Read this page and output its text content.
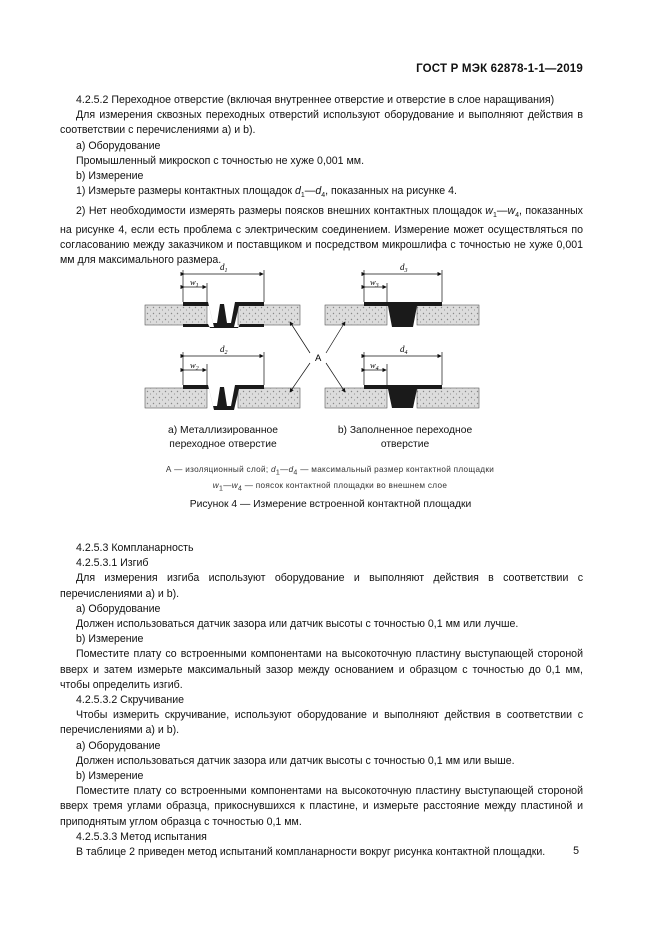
ГОСТ Р МЭК 62878-1-1—2019

4.2.5.2 Переходное отверстие (включая внутреннее отверстие и отверстие в слое наращивания)

Для измерения сквозных переходных отверстий используют оборудование и выполняют действия в соответствии с перечислениями а) и b).

a) Оборудование

Промышленный микроскоп с точностью не хуже 0,001 мм.

b) Измерение

1) Измерьте размеры контактных площадок $d_1—d_4$, показанных на рисунке 4.

2) Нет необходимости измерять размеры поясков внешних контактных площадок $w_1—w_4$, показанных на рисунке 4, если есть проблема с электрическим соединением. Измерение может осуществляться по согласованию между заказчиком и поставщиком и посредством микрошлифа с точностью не хуже 0,001 мм для максимального размера.

$d_1$
$w_1$
$d_2$
$w_2$
$d_3$
$w_3$
$d_4$
$w_4$
A
a) Металлизированное переходное отверстие
b) Заполненное переходное отверстие
А — изоляционный слой; $d_1—d_4$ — максимальный размер контактной площадки
$w_1—w_4$ — поясок контактной площадки во внешнем слое
Рисунок 4 — Измерение встроенной контактной площадки

4.2.5.3 Компланарность

4.2.5.3.1 Изгиб

Для измерения изгиба используют оборудование и выполняют действия в соответствии с перечислениями а) и b).

a) Оборудование

Должен использоваться датчик зазора или датчик высоты с точностью 0,1 мм или лучше.

b) Измерение

Поместите плату со встроенными компонентами на высокоточную пластину выступающей стороной вверх и затем измерьте максимальный зазор между основанием и образцом с точностью до 0,1 мм, чтобы определить изгиб.

4.2.5.3.2 Скручивание

Чтобы измерить скручивание, используют оборудование и выполняют действия в соответствии с перечислениями а) и b).

a) Оборудование

Должен использоваться датчик зазора или датчик высоты с точностью 0,1 мм или выше.

b) Измерение

Поместите плату со встроенными компонентами на высокоточную пластину выступающей стороной вверх тремя углами образца, прикоснувшихся к пластине, и измерьте расстояние между пластиной и приподнятым углом образца с точностью 0,1 мм.

4.2.5.3.3 Метод испытания

В таблице 2 приведен метод испытаний компланарности вокруг рисунка контактной площадки.	5
